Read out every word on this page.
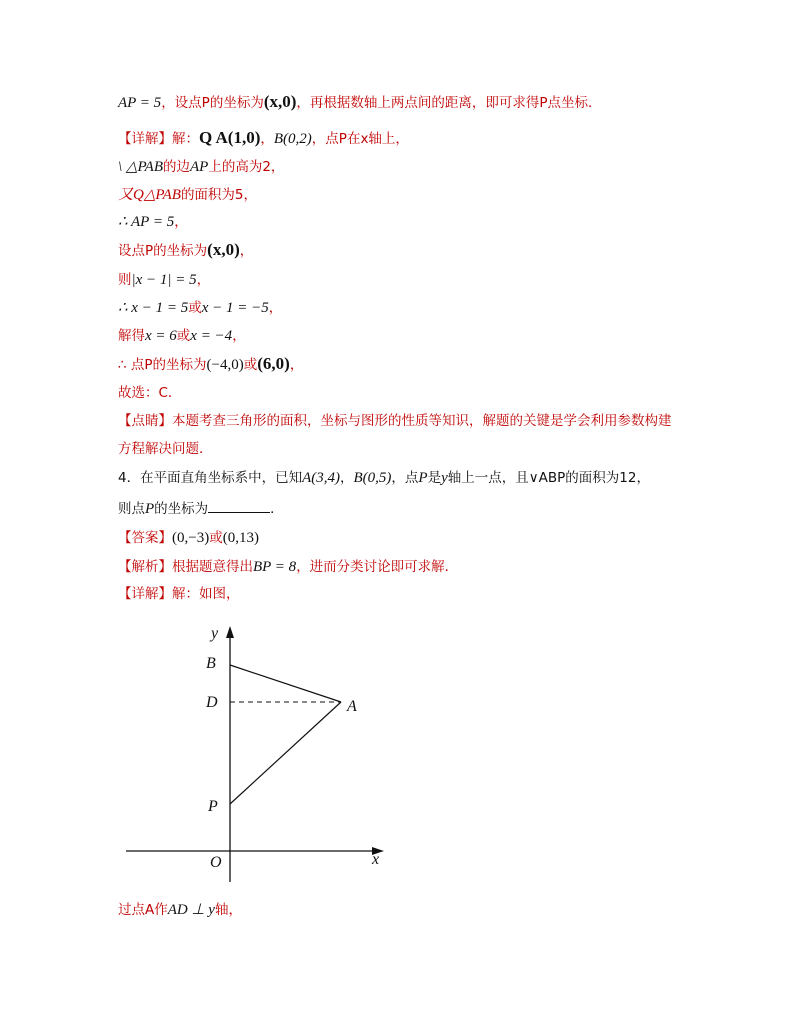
AP = 5，设点P的坐标为(x,0)，再根据数轴上两点间的距离，即可求得P点坐标．
【详解】解：Q A(1,0)，B(0,2)，点P在x轴上，
\ △PAB的边AP上的高为2，
又Q△PAB的面积为5，
∴ AP = 5，
设点P的坐标为(x,0)，
则|x − 1| = 5，
∴ x − 1 = 5或x − 1 = −5，
解得x = 6或x = −4，
∴ 点P的坐标为(−4,0)或(6,0)，
故选：C．
【点睛】本题考查三角形的面积，坐标与图形的性质等知识，解题的关键是学会利用参数构建
方程解决问题．
4．在平面直角坐标系中，已知A(3,4)，B(0,5)，点P是y轴上一点，且∨ABP的面积为12，
则点P的坐标为	．
【答案】(0,−3)或(0,13)
【解析】根据题意得出BP = 8，进而分类讨论即可求解．
【详解】解：如图，
y
B
D	A
P
O	x
过点A作AD ⊥ y轴，
